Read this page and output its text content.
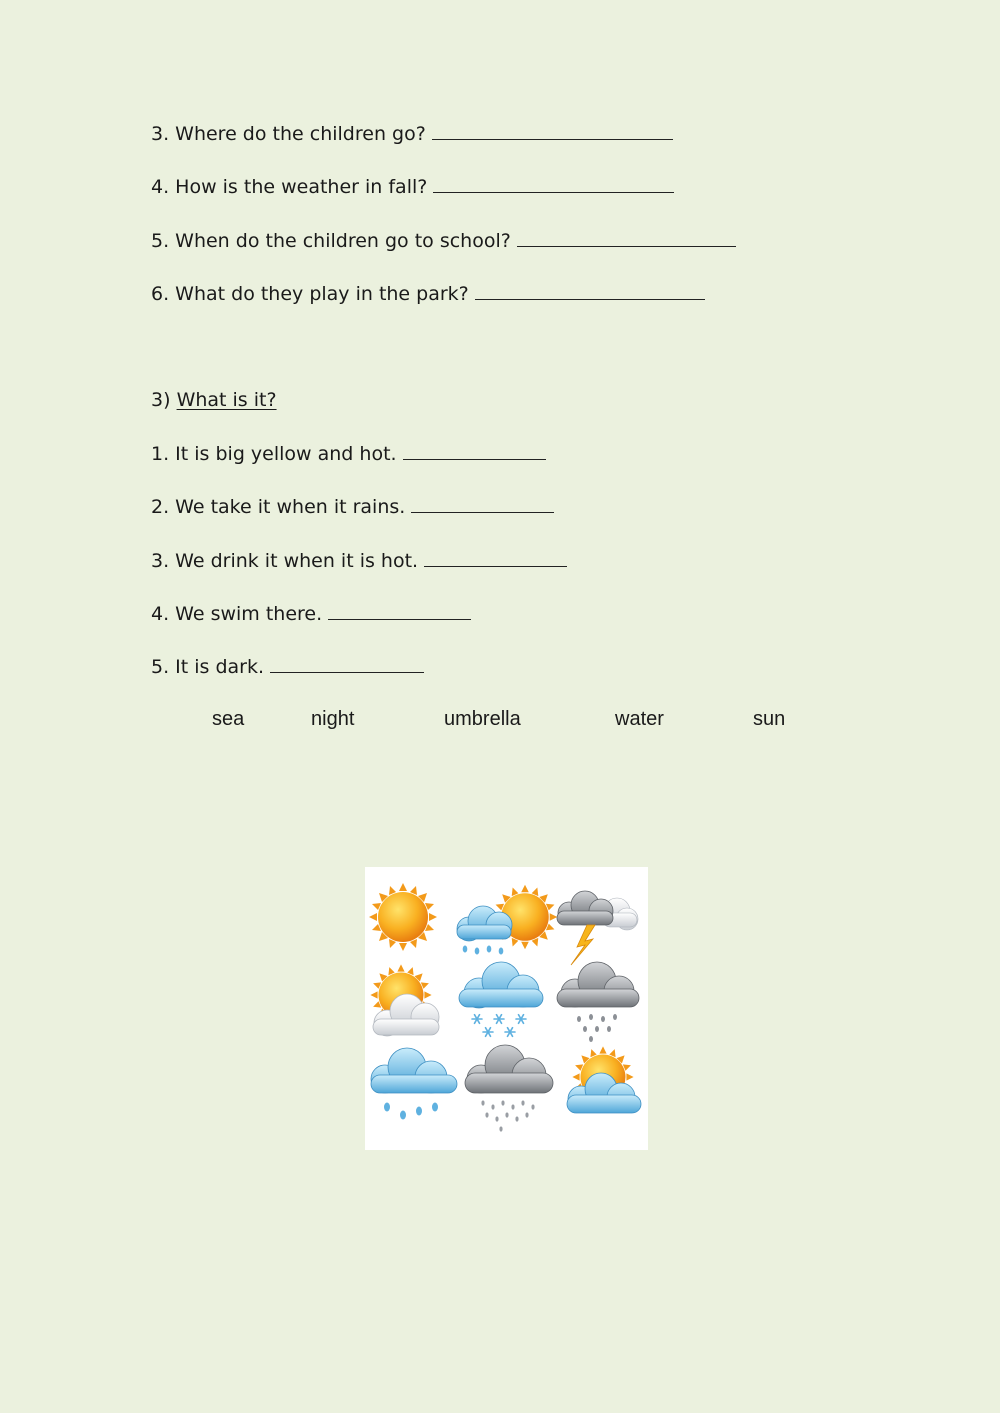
3. Where do the children go?
4. How is the weather in fall?
5. When do the children go to school?
6. What do they play in the park?
3) What is it?
1. It is big yellow and hot.
2. We take it when it rains.
3. We drink it when it is hot.
4. We swim there.
5. It is dark.
sea	night	umbrella	water	sun
